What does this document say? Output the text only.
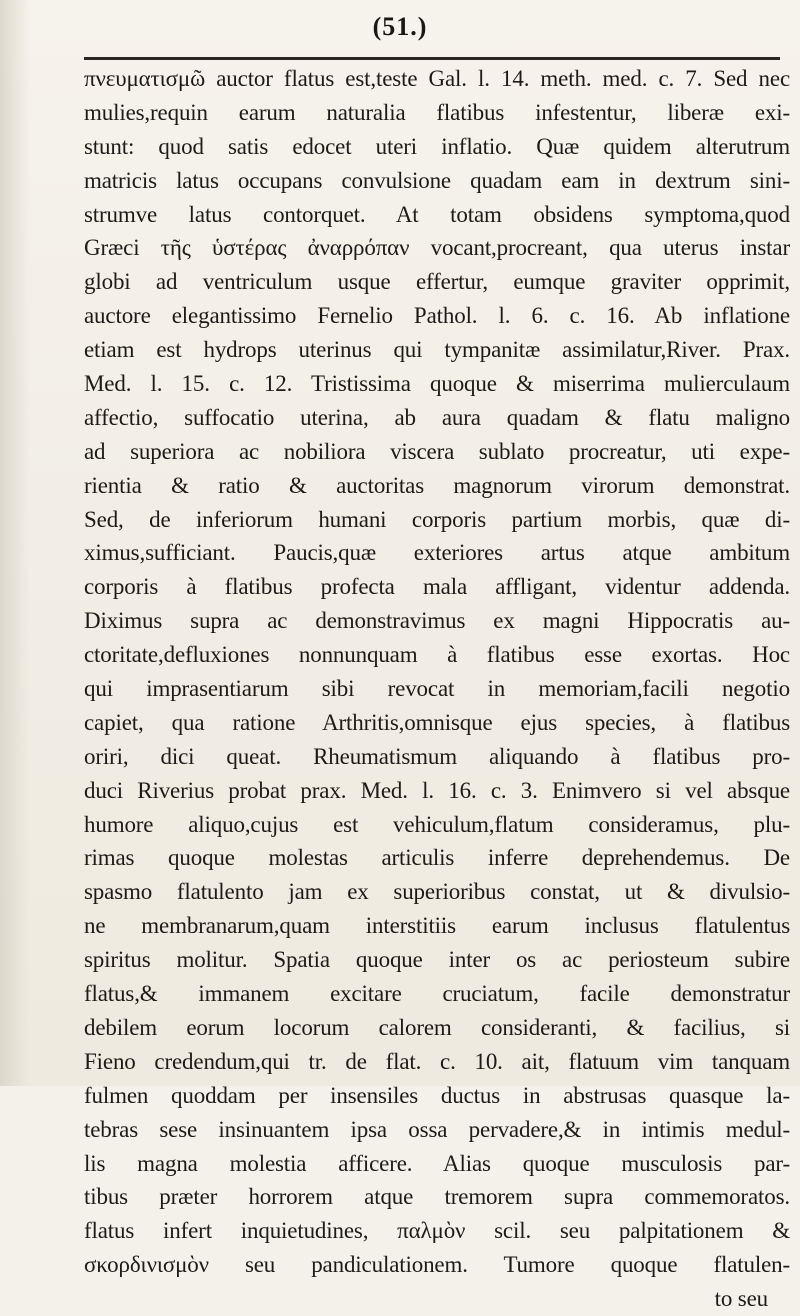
(51.)
πνευματισμῶ auctor flatus est,teste Gal. l. 14. meth. med. c. 7. Sed nec
mulies,requin earum naturalia flatibus infestentur, liberæ exi-
stunt: quod satis edocet uteri inflatio. Quæ quidem alterutrum
matricis latus occupans convulsione quadam eam in dextrum sini-
strumve latus contorquet. At totam obsidens symptoma,quod
Græci τῆς ὑστέρας ἀναρρόπαν vocant,procreant, qua uterus instar
globi ad ventriculum usque effertur, eumque graviter opprimit,
auctore elegantissimo Fernelio Pathol. l. 6. c. 16. Ab inflatione
etiam est hydrops uterinus qui tympanitæ assimilatur,River. Prax.
Med. l. 15. c. 12. Tristissima quoque & miserrima mulierculaum
affectio, suffocatio uterina, ab aura quadam & flatu maligno
ad superiora ac nobiliora viscera sublato procreatur, uti expe-
rientia & ratio & auctoritas magnorum virorum demonstrat.
Sed, de inferiorum humani corporis partium morbis, quæ di-
ximus,sufficiant. Paucis,quæ exteriores artus atque ambitum
corporis à flatibus profecta mala affligant, videntur addenda.
Diximus supra ac demonstravimus ex magni Hippocratis au-
ctoritate,defluxiones nonnunquam à flatibus esse exortas. Hoc
qui imprasentiarum sibi revocat in memoriam,facili negotio
capiet, qua ratione Arthritis,omnisque ejus species, à flatibus
oriri, dici queat. Rheumatismum aliquando à flatibus pro-
duci Riverius probat prax. Med. l. 16. c. 3. Enimvero si vel absque
humore aliquo,cujus est vehiculum,flatum consideramus, plu-
rimas quoque molestas articulis inferre deprehendemus. De
spasmo flatulento jam ex superioribus constat, ut & divulsio-
ne membranarum,quam interstitiis earum inclusus flatulentus
spiritus molitur. Spatia quoque inter os ac periosteum subire
flatus,& immanem excitare cruciatum, facile demonstratur
debilem eorum locorum calorem consideranti, & facilius, si
Fieno credendum,qui tr. de flat. c. 10. ait, flatuum vim tanquam
fulmen quoddam per insensiles ductus in abstrusas quasque la-
tebras sese insinuantem ipsa ossa pervadere,& in intimis medul-
lis magna molestia afficere. Alias quoque musculosis par-
tibus præter horrorem atque tremorem supra commemoratos.
flatus infert inquietudines, παλμὸν scil. seu palpitationem &
σκορδινισμὸν seu pandiculationem. Tumore quoque flatulen-
to seu
